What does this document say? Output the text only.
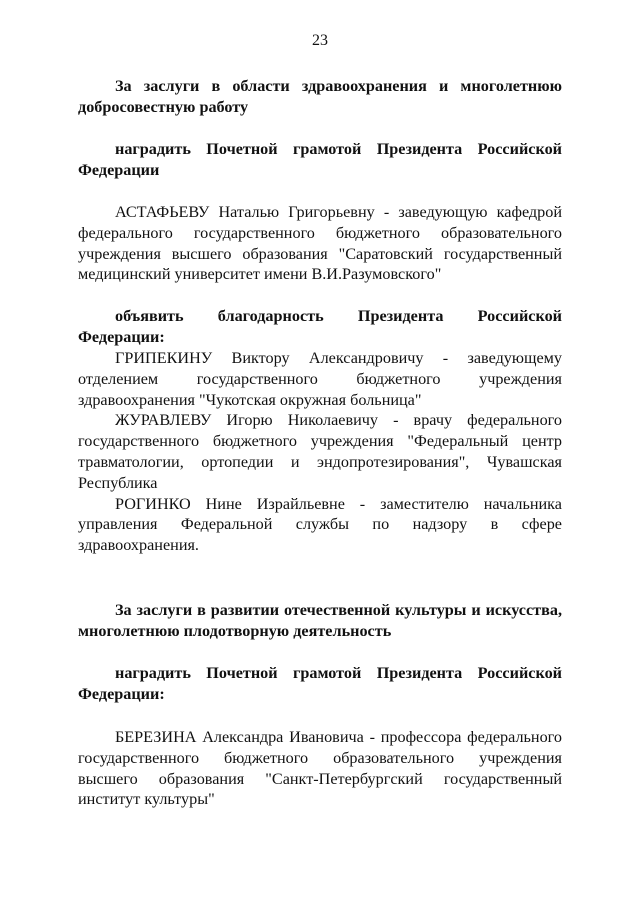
23

За заслуги в области здравоохранения и многолетнюю добросовестную работу

наградить Почетной грамотой Президента Российской Федерации

АСТАФЬЕВУ Наталью Григорьевну - заведующую кафедрой федерального государственного бюджетного образовательного учреждения высшего образования "Саратовский государственный медицинский университет имени В.И.Разумовского"

объявить благодарность Президента Российской Федерации:

ГРИПЕКИНУ Виктору Александровичу - заведующему отделением государственного бюджетного учреждения здравоохранения "Чукотская окружная больница"

ЖУРАВЛЕВУ Игорю Николаевичу - врачу федерального государственного бюджетного учреждения "Федеральный центр травматологии, ортопедии и эндопротезирования", Чувашская Республика

РОГИНКО Нине Израйльевне - заместителю начальника управления Федеральной службы по надзору в сфере здравоохранения.

За заслуги в развитии отечественной культуры и искусства, многолетнюю плодотворную деятельность

наградить Почетной грамотой Президента Российской Федерации:

БЕРЕЗИНА Александра Ивановича - профессора федерального государственного бюджетного образовательного учреждения высшего образования "Санкт-Петербургский государственный институт культуры"
